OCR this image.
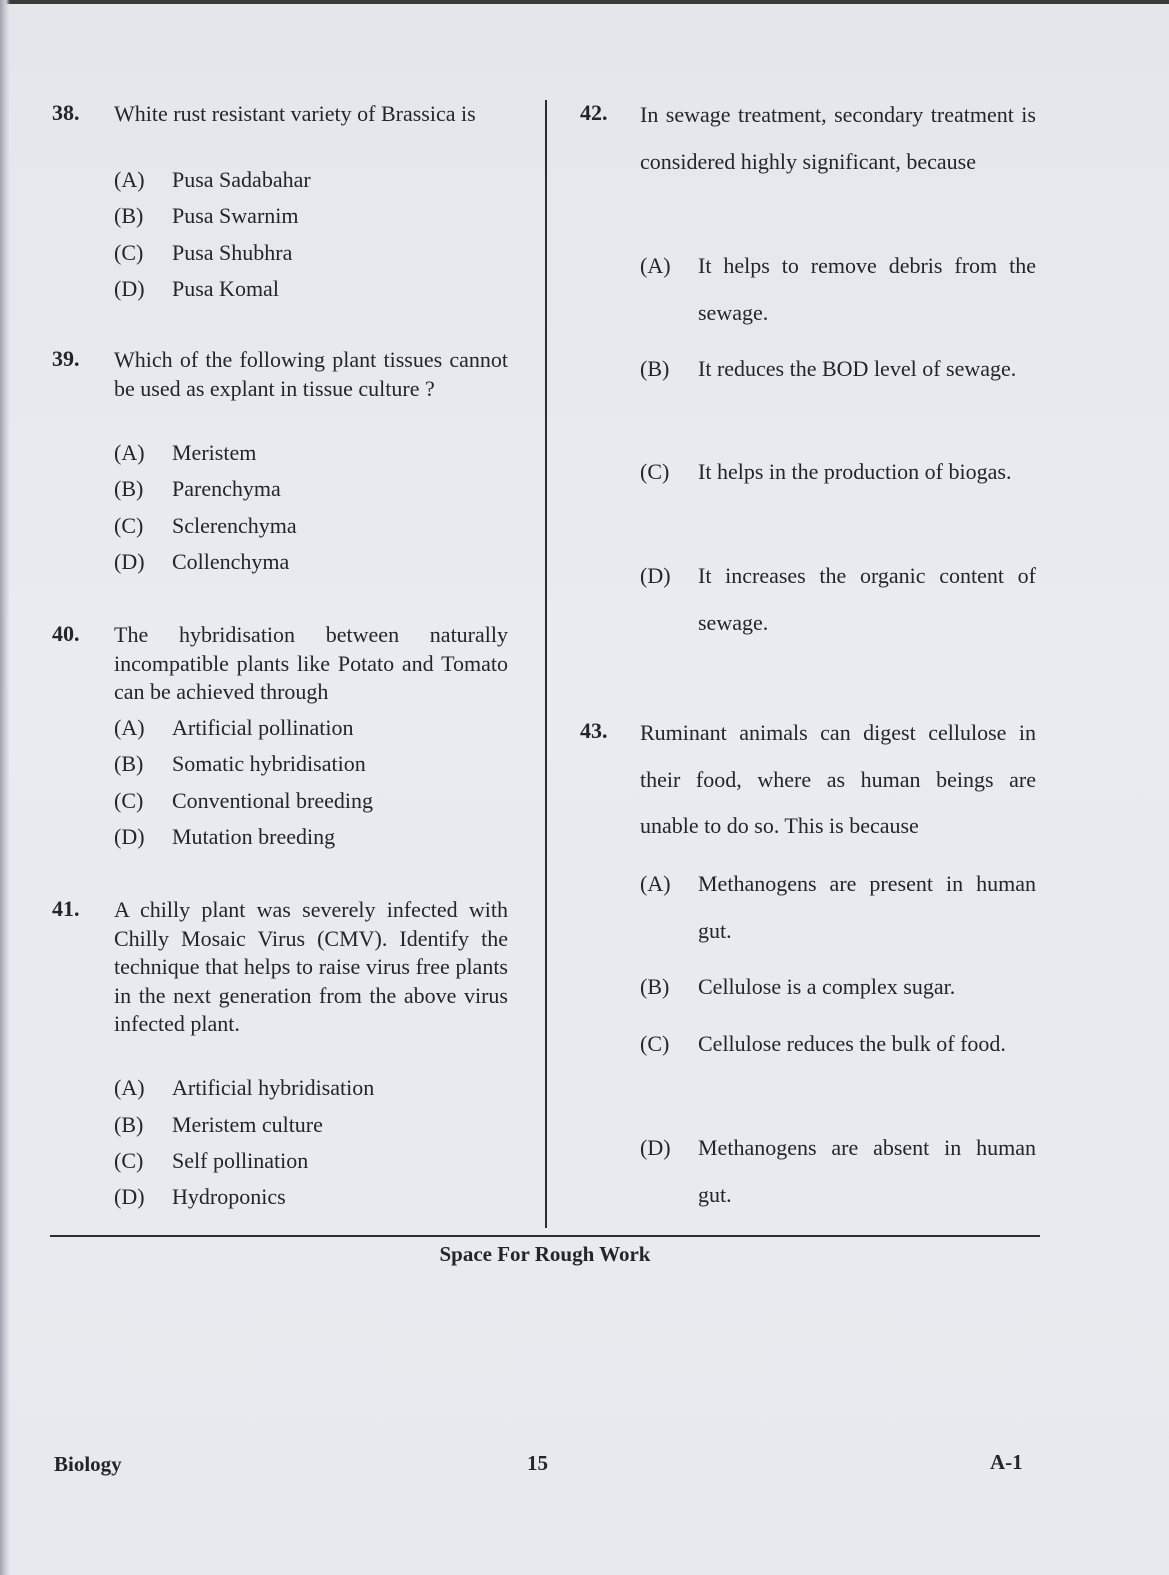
38. White rust resistant variety of Brassica is
(A) Pusa Sadabahar
(B) Pusa Swarnim
(C) Pusa Shubhra
(D) Pusa Komal
39. Which of the following plant tissues cannot be used as explant in tissue culture ?
(A) Meristem
(B) Parenchyma
(C) Sclerenchyma
(D) Collenchyma
40. The hybridisation between naturally incompatible plants like Potato and Tomato can be achieved through
(A) Artificial pollination
(B) Somatic hybridisation
(C) Conventional breeding
(D) Mutation breeding
41. A chilly plant was severely infected with Chilly Mosaic Virus (CMV). Identify the technique that helps to raise virus free plants in the next generation from the above virus infected plant.
(A) Artificial hybridisation
(B) Meristem culture
(C) Self pollination
(D) Hydroponics
42. In sewage treatment, secondary treatment is considered highly significant, because
(A) It helps to remove debris from the sewage.
(B) It reduces the BOD level of sewage.
(C) It helps in the production of biogas.
(D) It increases the organic content of sewage.
43. Ruminant animals can digest cellulose in their food, where as human beings are unable to do so. This is because
(A) Methanogens are present in human gut.
(B) Cellulose is a complex sugar.
(C) Cellulose reduces the bulk of food.
(D) Methanogens are absent in human gut.
Space For Rough Work
Biology	15	A-1
